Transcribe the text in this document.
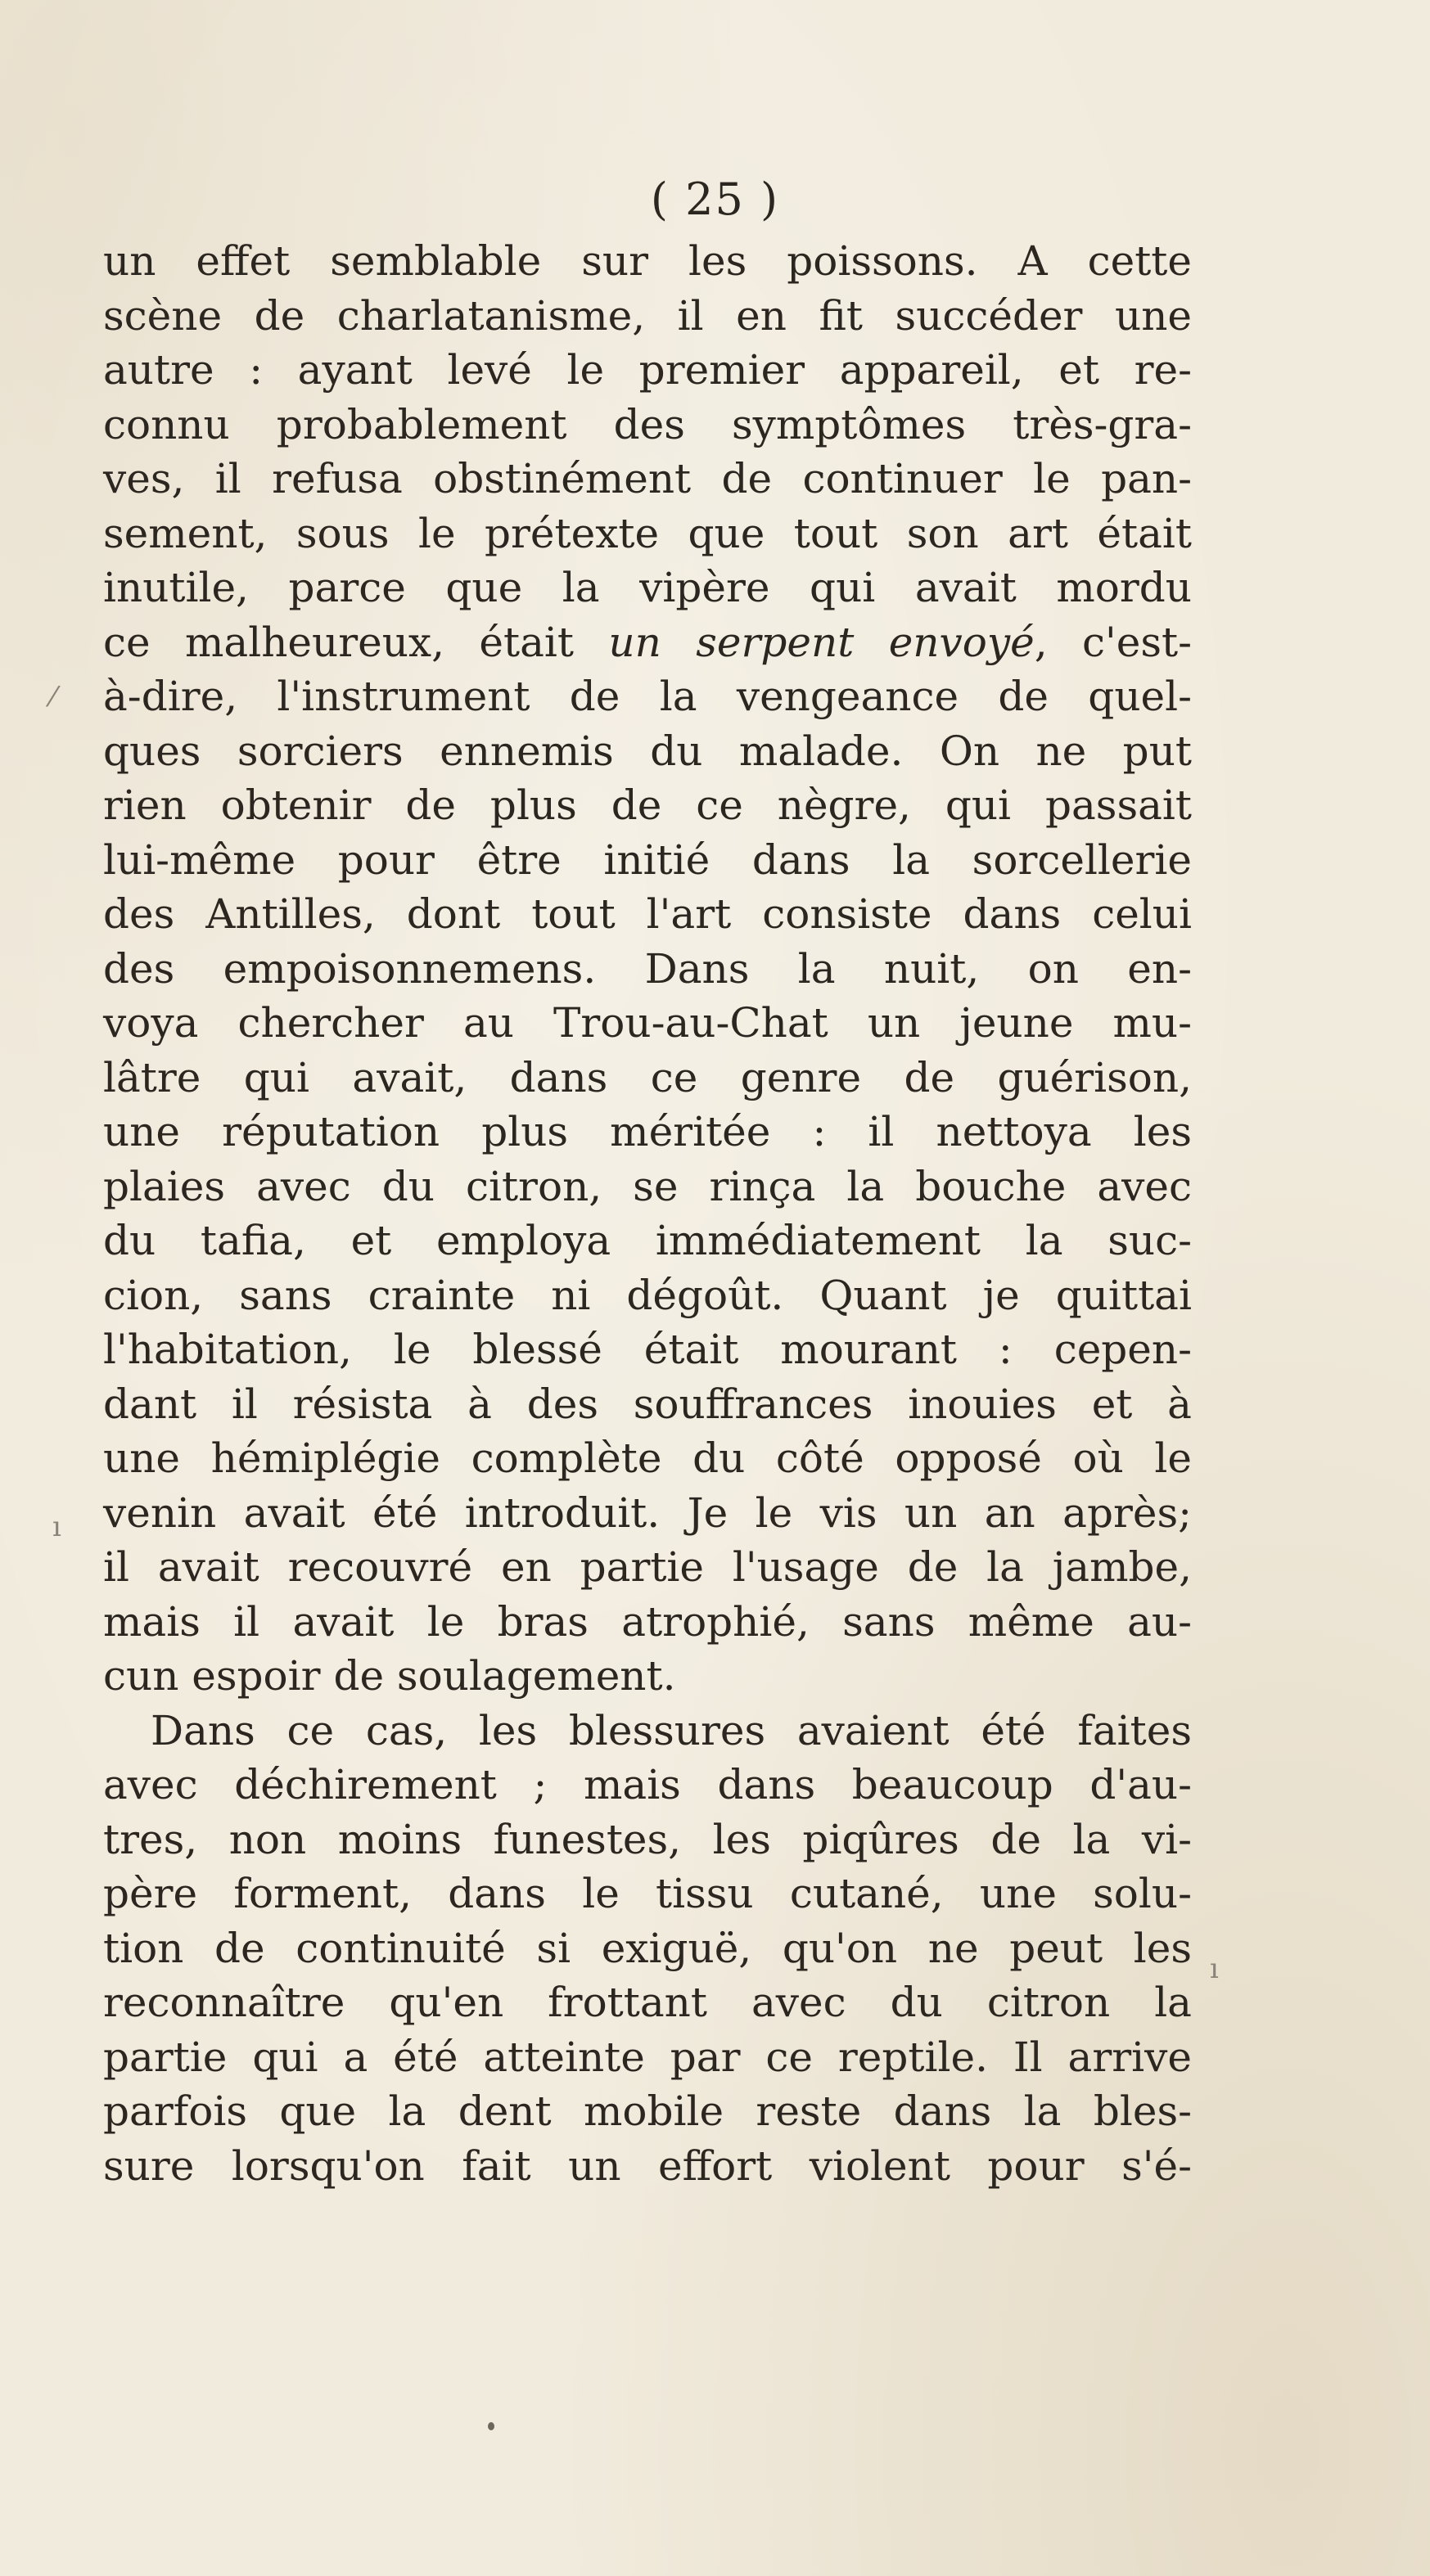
( 25 )
un effet semblable sur les poissons. A cette
scène de charlatanisme, il en fit succéder une
autre : ayant levé le premier appareil, et re-
connu probablement des symptômes très-gra-
ves, il refusa obstinément de continuer le pan-
sement, sous le prétexte que tout son art était
inutile, parce que la vipère qui avait mordu
ce malheureux, était un serpent envoyé, c'est-
à-dire, l'instrument de la vengeance de quel-
ques sorciers ennemis du malade. On ne put
rien obtenir de plus de ce nègre, qui passait
lui-même pour être initié dans la sorcellerie
des Antilles, dont tout l'art consiste dans celui
des empoisonnemens. Dans la nuit, on en-
voya chercher au Trou-au-Chat un jeune mu-
lâtre qui avait, dans ce genre de guérison,
une réputation plus méritée : il nettoya les
plaies avec du citron, se rinça la bouche avec
du tafia, et employa immédiatement la suc-
cion, sans crainte ni dégoût. Quant je quittai
l'habitation, le blessé était mourant : cepen-
dant il résista à des souffrances inouies et à
une hémiplégie complète du côté opposé où le
venin avait été introduit. Je le vis un an après;
il avait recouvré en partie l'usage de la jambe,
mais il avait le bras atrophié, sans même au-
cun espoir de soulagement.
Dans ce cas, les blessures avaient été faites
avec déchirement ; mais dans beaucoup d'au-
tres, non moins funestes, les piqûres de la vi-
père forment, dans le tissu cutané, une solu-
tion de continuité si exiguë, qu'on ne peut les
reconnaître qu'en frottant avec du citron la
partie qui a été atteinte par ce reptile. Il arrive
parfois que la dent mobile reste dans la bles-
sure lorsqu'on fait un effort violent pour s'é-
⁄
ı
ı
